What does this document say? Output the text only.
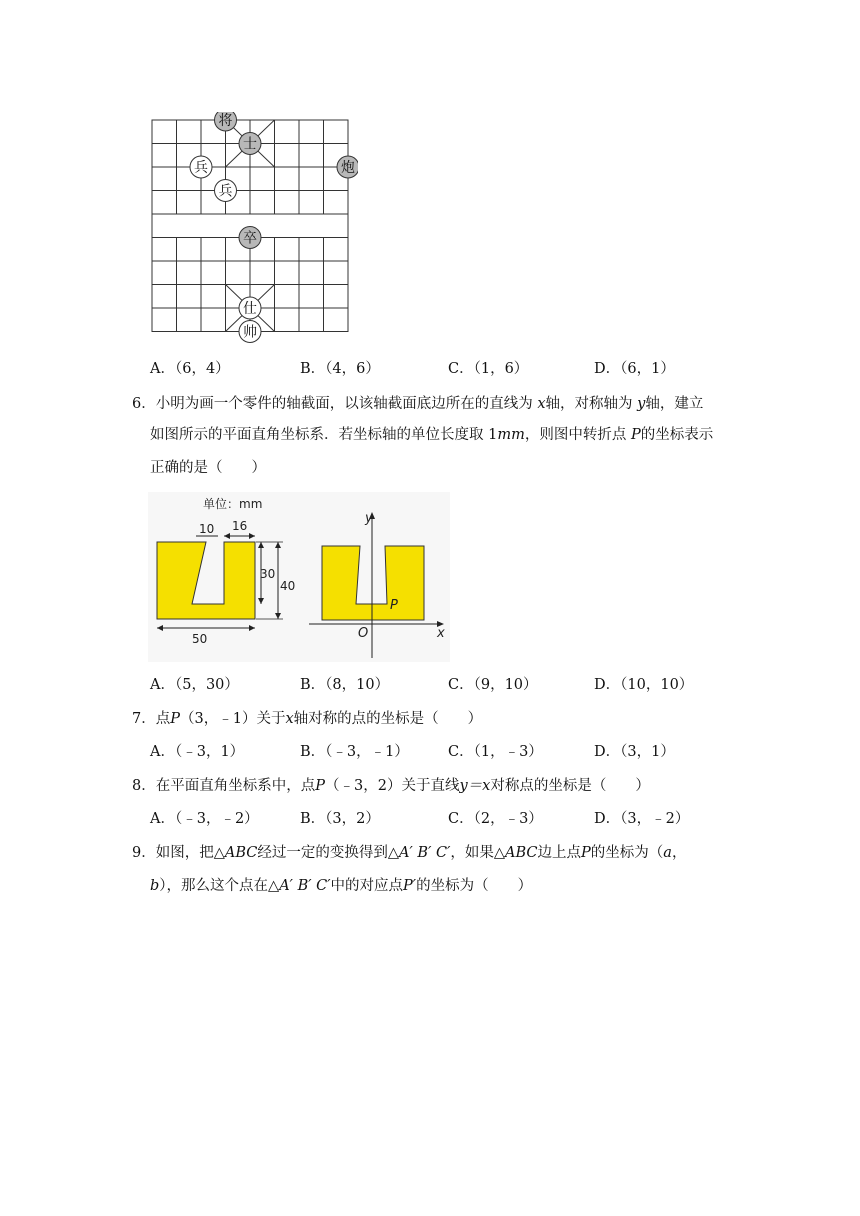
将
士
兵	炮
兵
卒
仕
帅
A．（6，4）	B．（4，6）	C．（1，6）	D．（6，1）
6．小明为画一个零件的轴截面，以该轴截面底边所在的直线为 x轴，对称轴为 y轴，建立
如图所示的平面直角坐标系．若坐标轴的单位长度取 1mm，则图中转折点 P的坐标表示
正确的是（　　）
单位：mm
10 16
30
40
50
y
x
O
P
A．（5，30）	B．（8，10）	C．（9，10）	D．（10，10）
7．点P（3，﹣1）关于x轴对称的点的坐标是（　　）
A．（﹣3，1）	B．（﹣3，﹣1）	C．（1，﹣3）	D．（3，1）
8．在平面直角坐标系中，点P（﹣3，2）关于直线y＝x对称点的坐标是（　　）
A．（﹣3，﹣2）	B．（3，2）	C．（2，﹣3）	D．（3，﹣2）
9．如图，把△ABC经过一定的变换得到△A′ B′ C′，如果△ABC边上点P的坐标为（a，
b），那么这个点在△A′ B′ C′中的对应点P′的坐标为（　　）
